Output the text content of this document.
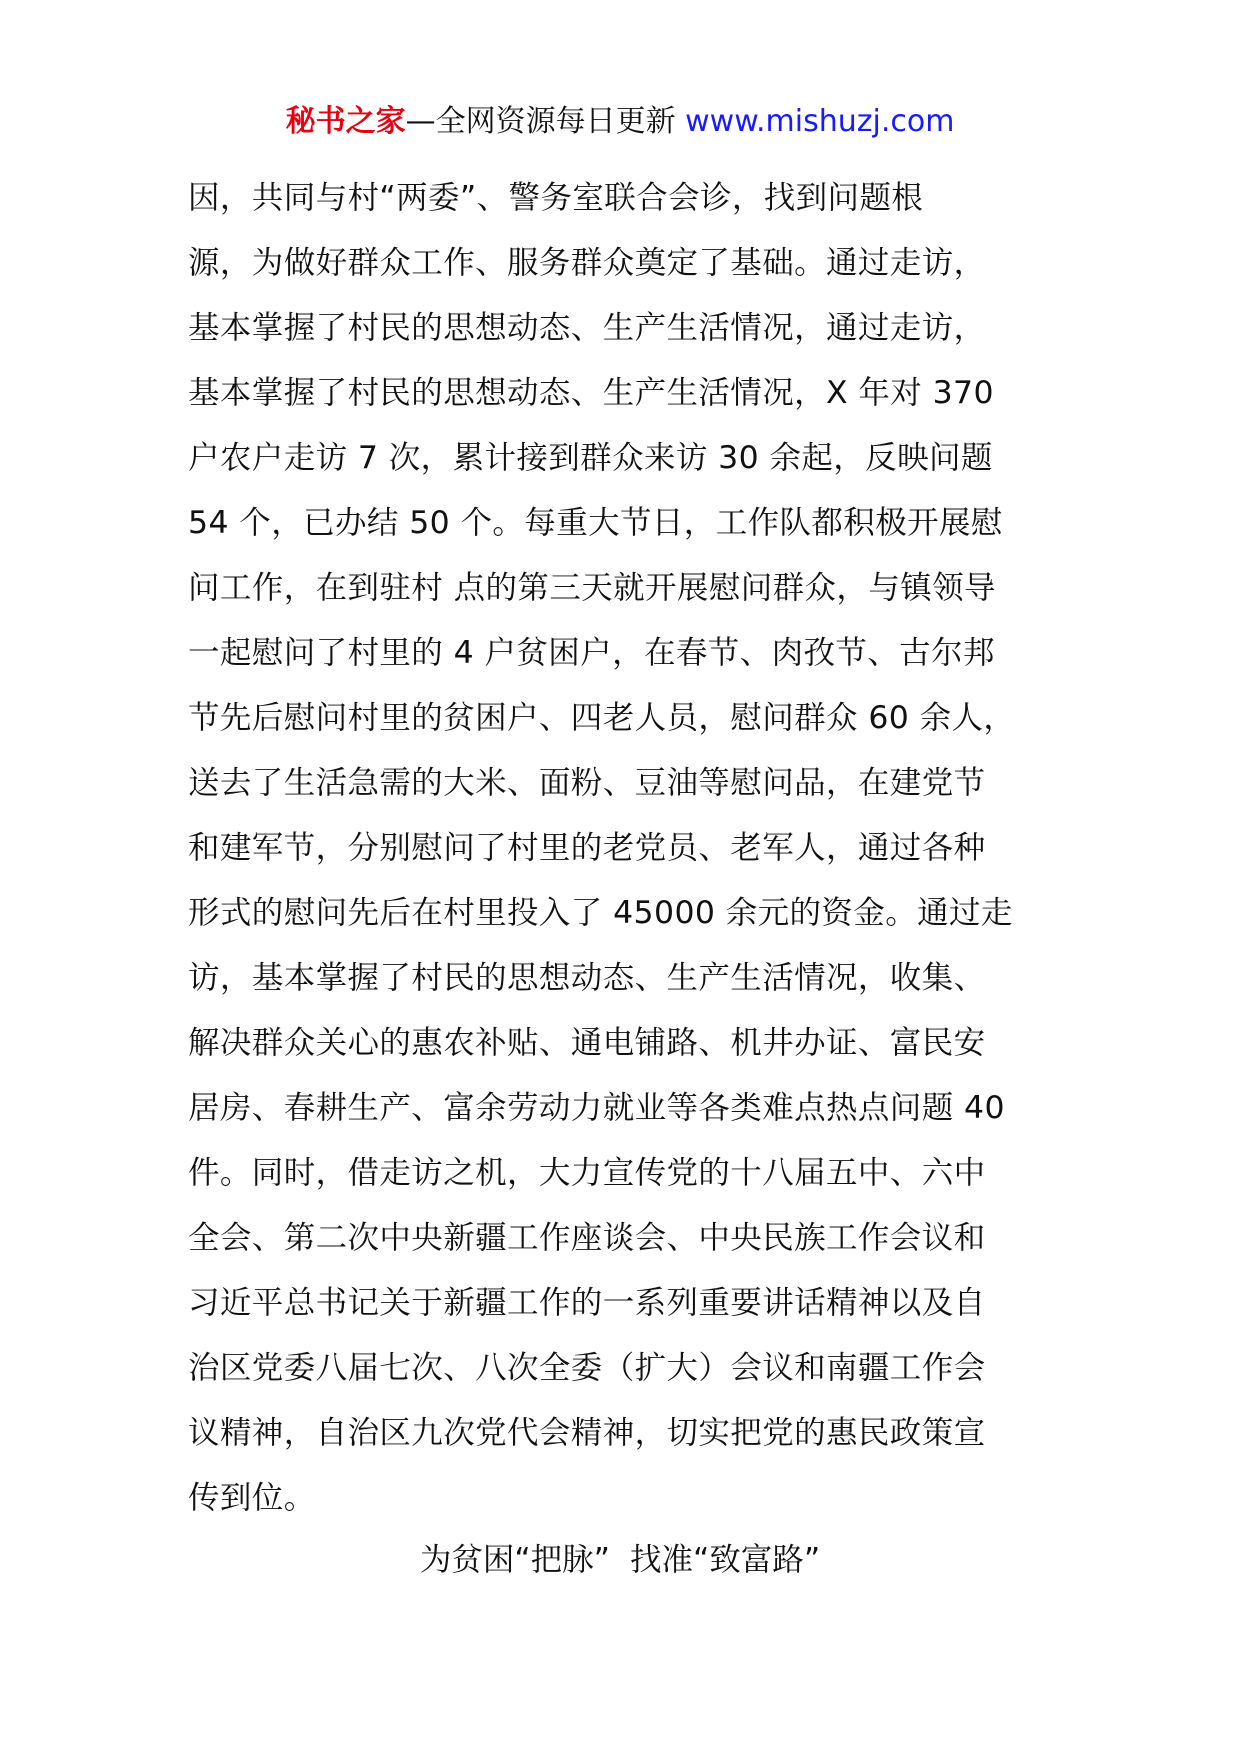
秘书之家—全网资源每日更新 www.mishuzj.com
因，共同与村“两委”、警务室联合会诊，找到问题根
源，为做好群众工作、服务群众奠定了基础。通过走访，
基本掌握了村民的思想动态、生产生活情况，通过走访，
基本掌握了村民的思想动态、生产生活情况，X 年对 370
户农户走访 7 次，累计接到群众来访 30 余起，反映问题
54 个，已办结 50 个。每重大节日，工作队都积极开展慰
问工作，在到驻村 点的第三天就开展慰问群众，与镇领导
一起慰问了村里的 4 户贫困户，在春节、肉孜节、古尔邦
节先后慰问村里的贫困户、四老人员，慰问群众 60 余人，
送去了生活急需的大米、面粉、豆油等慰问品，在建党节
和建军节，分别慰问了村里的老党员、老军人，通过各种
形式的慰问先后在村里投入了 45000 余元的资金。通过走
访，基本掌握了村民的思想动态、生产生活情况，收集、
解决群众关心的惠农补贴、通电铺路、机井办证、富民安
居房、春耕生产、富余劳动力就业等各类难点热点问题 40
件。同时，借走访之机，大力宣传党的十八届五中、六中
全会、第二次中央新疆工作座谈会、中央民族工作会议和
习近平总书记关于新疆工作的一系列重要讲话精神以及自
治区党委八届七次、八次全委（扩大）会议和南疆工作会
议精神，自治区九次党代会精神，切实把党的惠民政策宣
传到位。
为贫困“把脉”  找准“致富路”
